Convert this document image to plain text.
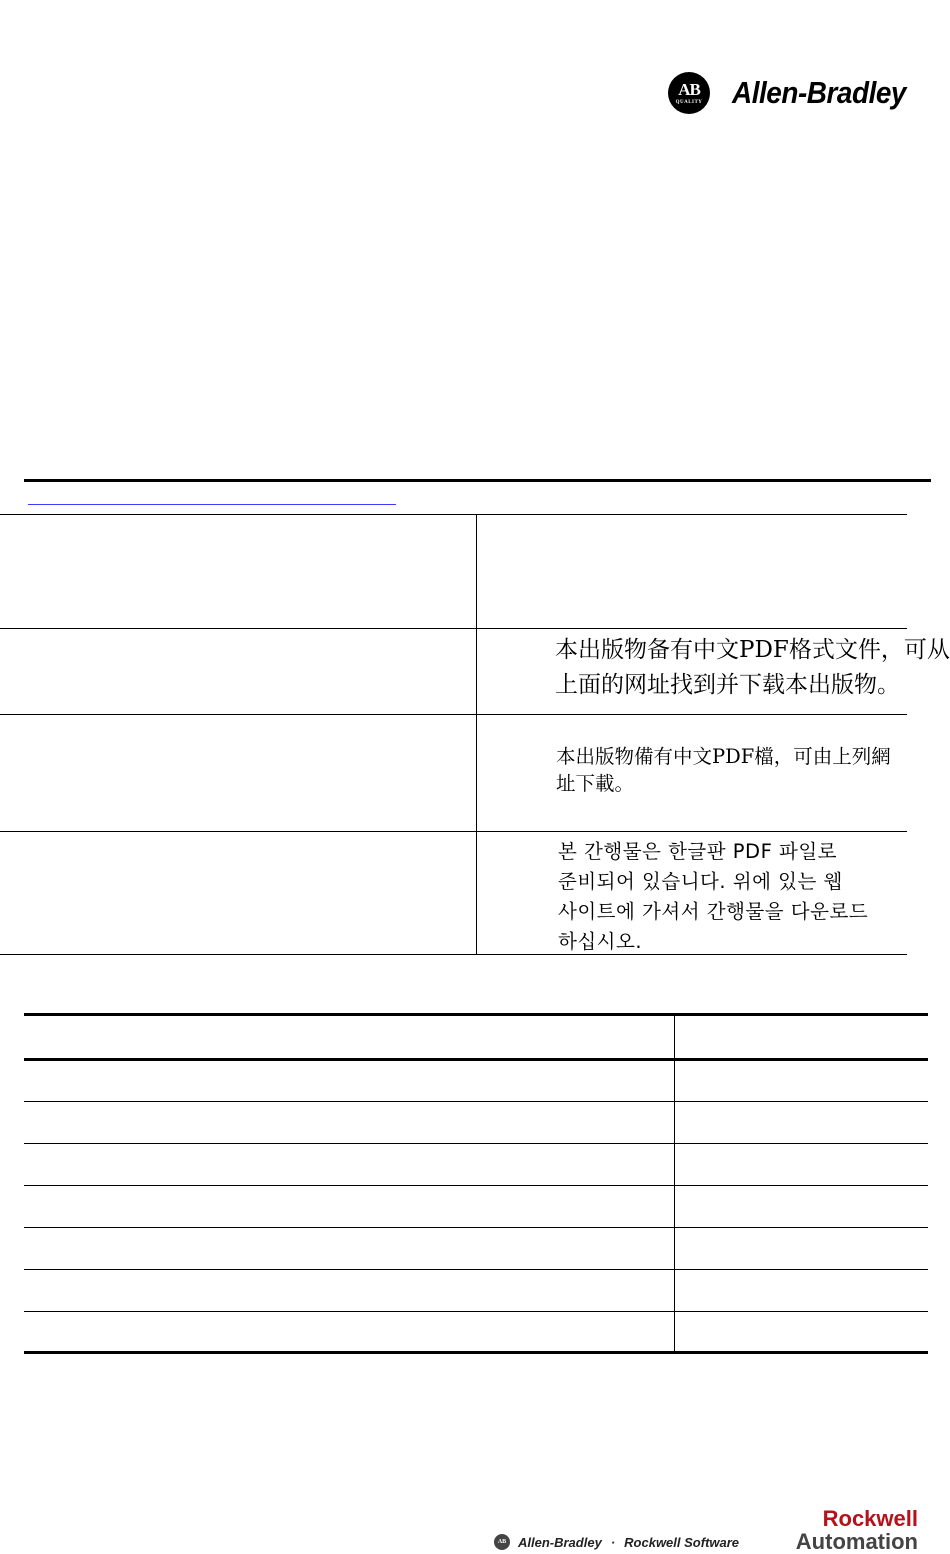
AB
QUALITY Allen-Bradley
本出版物备有中文PDF格式文件，可从
上面的网址找到并下载本出版物。
本出版物備有中文PDF檔，可由上列網
址下載。
본 간행물은 한글판 PDF 파일로
준비되어 있습니다. 위에 있는 웹
사이트에 가셔서 간행물을 다운로드
하십시오.
AB Allen-Bradley · Rockwell Software
Rockwell
Automation
